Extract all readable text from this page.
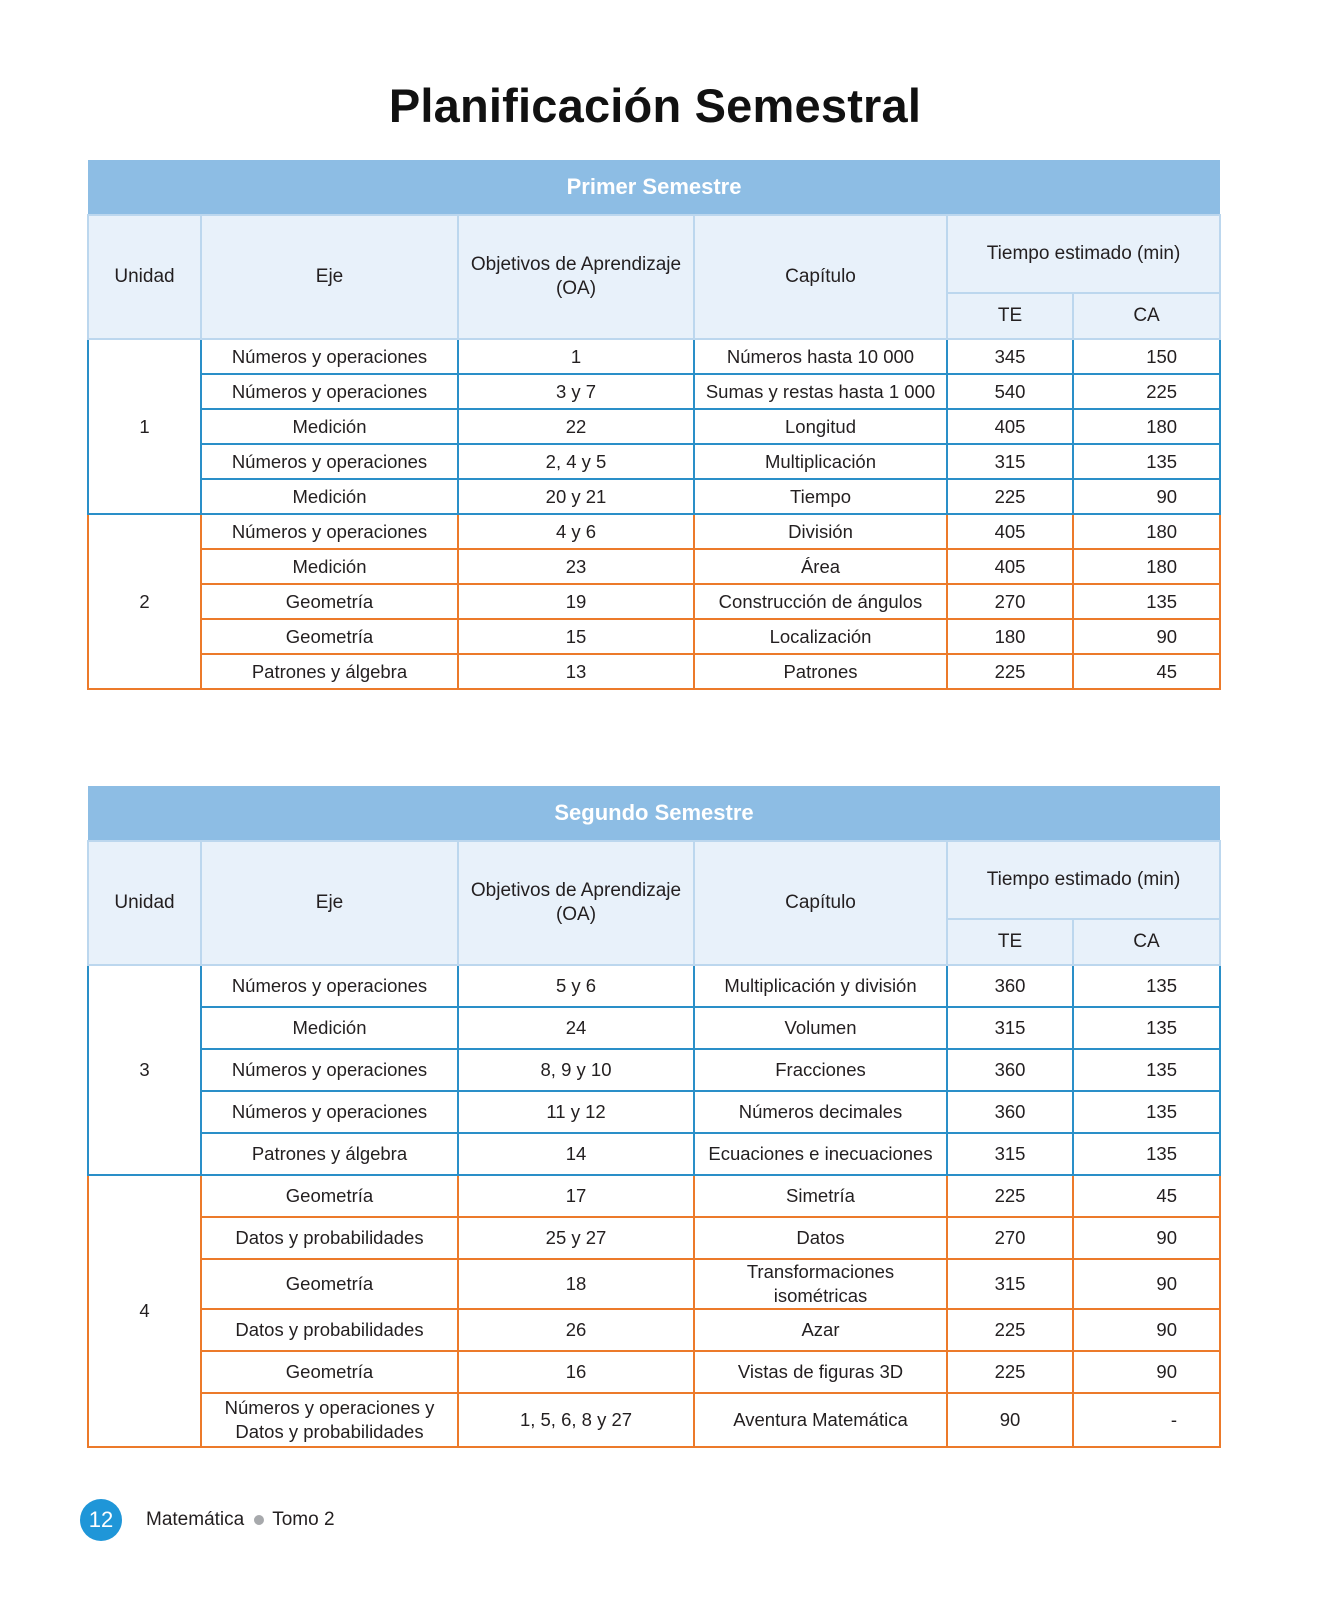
Planificación Semestral
Primer Semestre					
Unidad	Eje	Objetivos de Aprendizaje (OA)	Capítulo	Tiempo estimado (min)	
				TE	CA
1	Números y operaciones	1	Números hasta 10 000	345	150
	Números y operaciones	3 y 7	Sumas y restas hasta 1 000	540	225
	Medición	22	Longitud	405	180
	Números y operaciones	2, 4 y 5	Multiplicación	315	135
	Medición	20 y 21	Tiempo	225	90
2	Números y operaciones	4 y 6	División	405	180
	Medición	23	Área	405	180
	Geometría	19	Construcción de ángulos	270	135
	Geometría	15	Localización	180	90
	Patrones y álgebra	13	Patrones	225	45
Segundo Semestre					
Unidad	Eje	Objetivos de Aprendizaje (OA)	Capítulo	Tiempo estimado (min)	
				TE	CA
3	Números y operaciones	5 y 6	Multiplicación y división	360	135
	Medición	24	Volumen	315	135
	Números y operaciones	8, 9 y 10	Fracciones	360	135
	Números y operaciones	11 y 12	Números decimales	360	135
	Patrones y álgebra	14	Ecuaciones e inecuaciones	315	135
4	Geometría	17	Simetría	225	45
	Datos y probabilidades	25 y 27	Datos	270	90
	Geometría	18	Transformaciones isométricas	315	90
	Datos y probabilidades	26	Azar	225	90
	Geometría	16	Vistas de figuras 3D	225	90
	Números y operaciones y Datos y probabilidades	1, 5, 6, 8 y 27	Aventura Matemática	90	-
12	Matemática Tomo 2
